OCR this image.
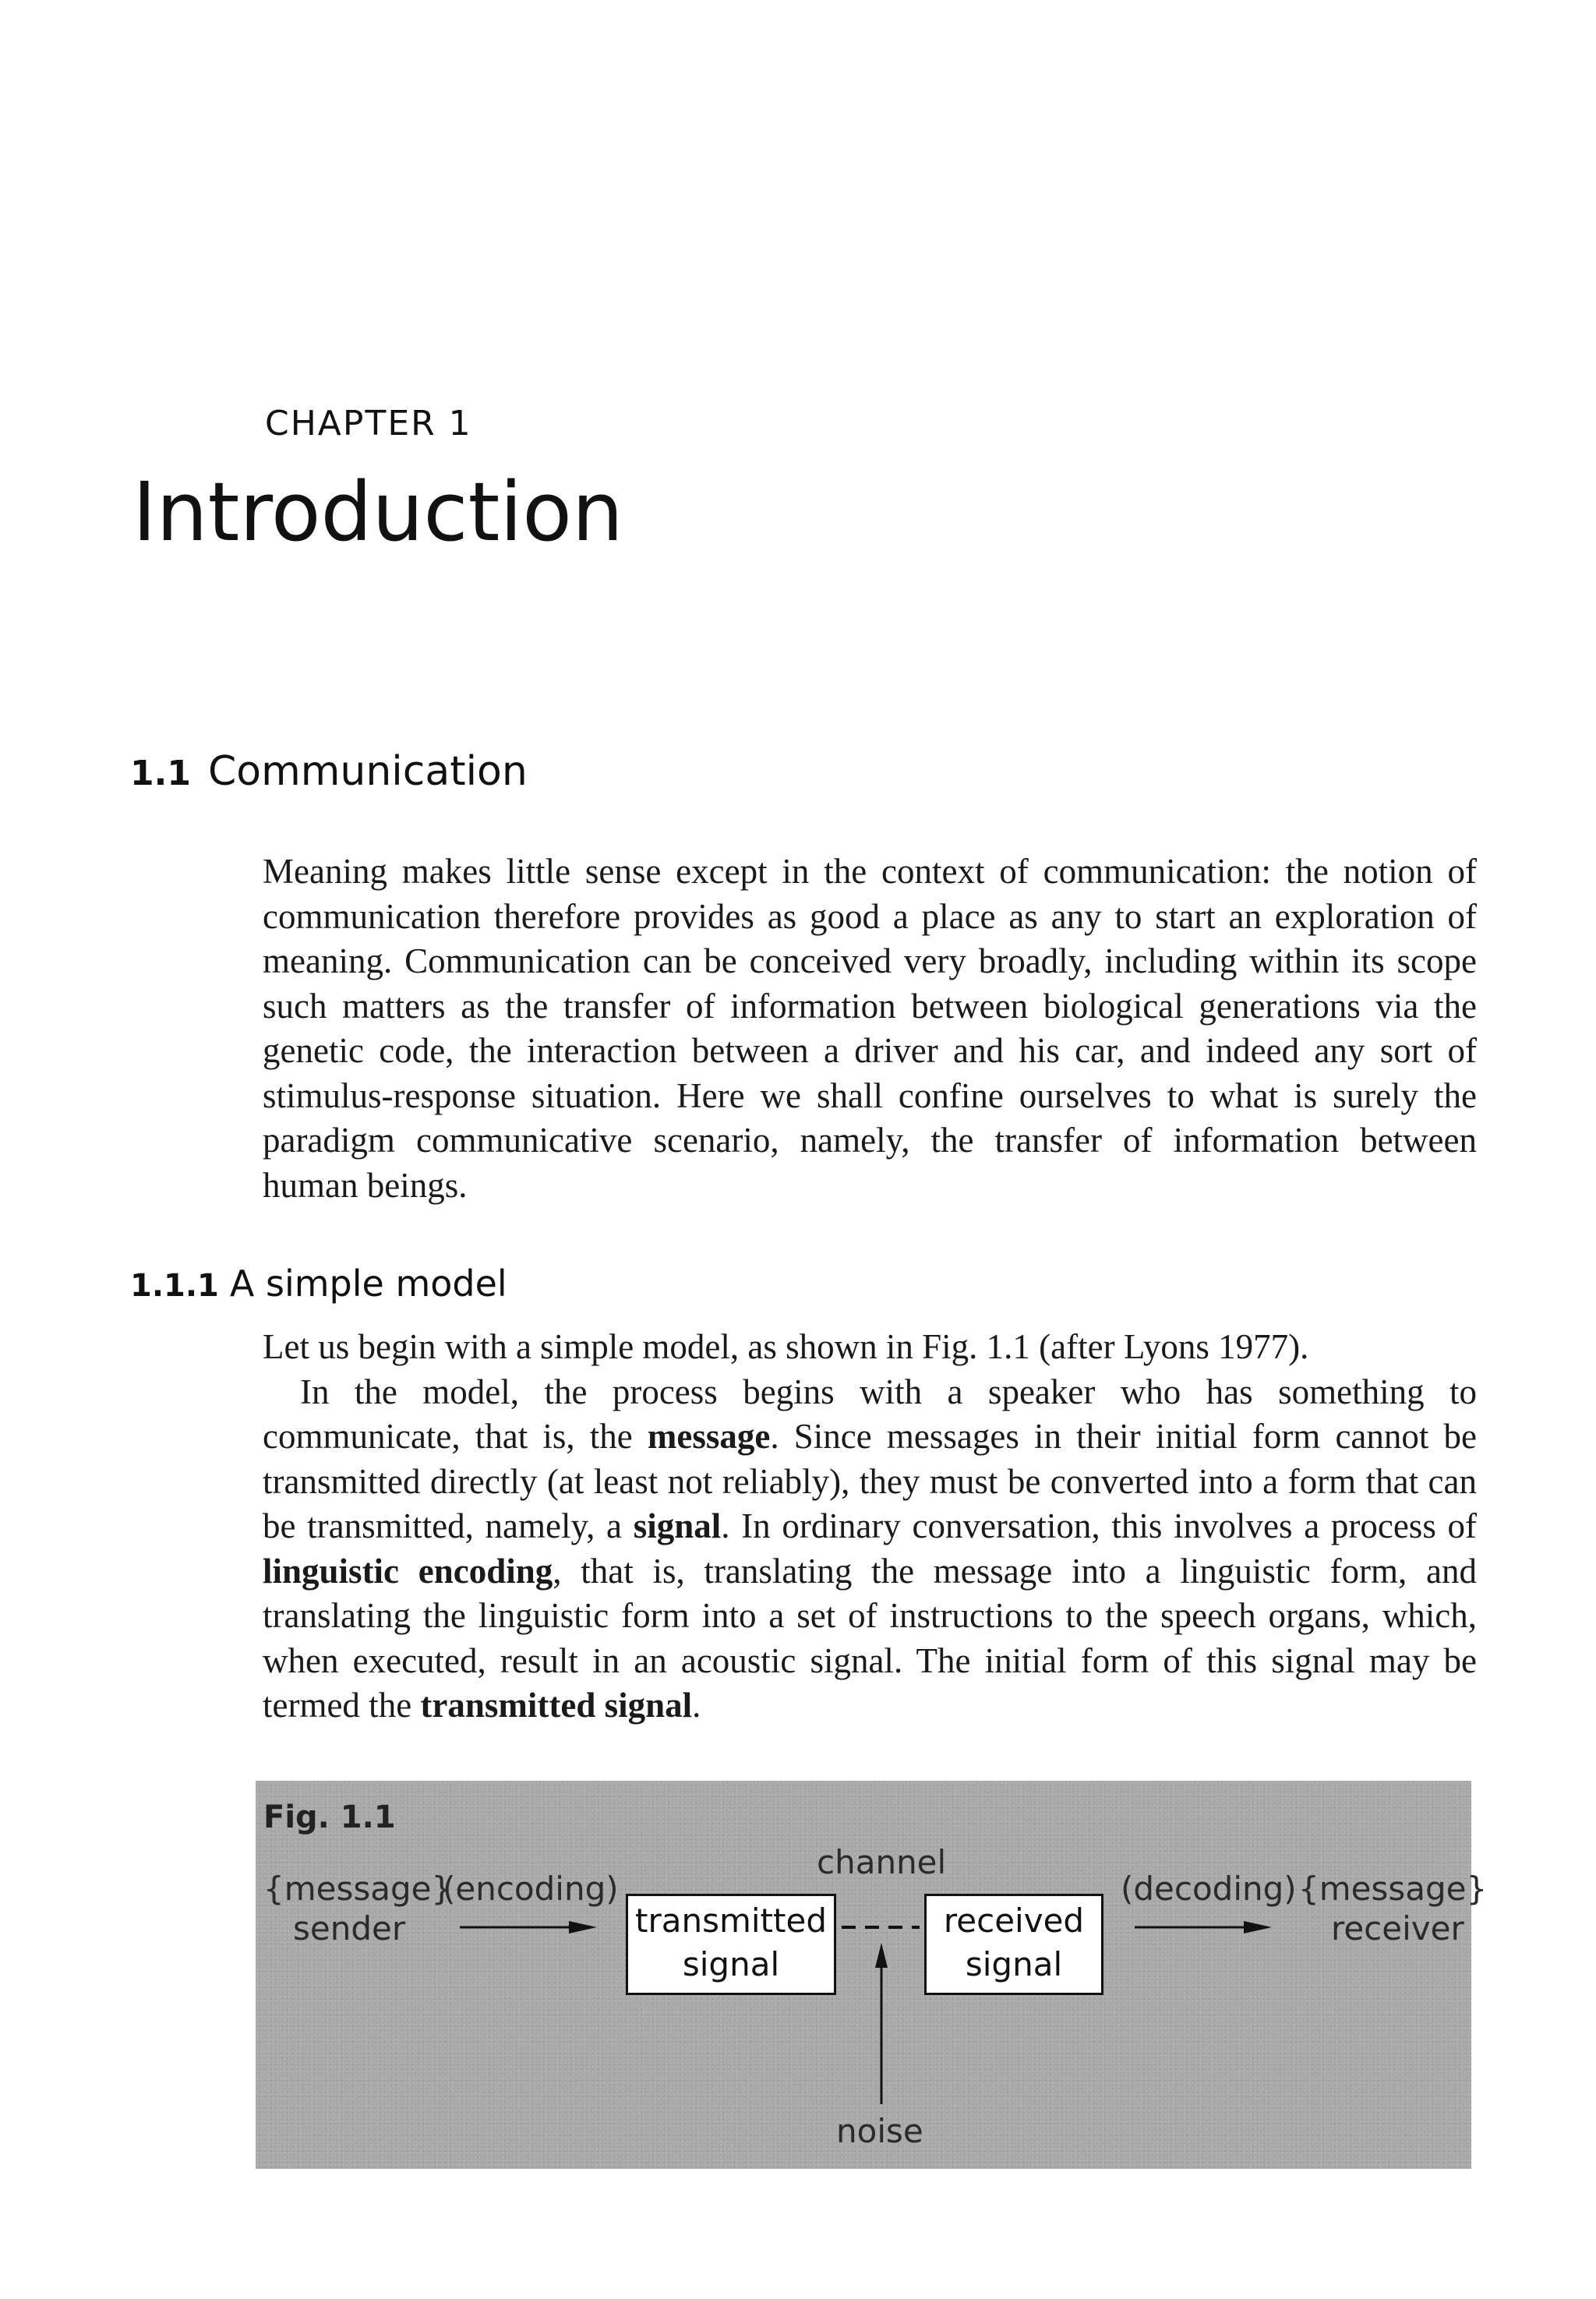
CHAPTER 1
Introduction
1.1 Communication

Meaning makes little sense except in the context of communication: the notion of communication therefore provides as good a place as any to start an exploration of meaning. Communication can be conceived very broadly, including within its scope such matters as the transfer of information between biological generations via the genetic code, the interaction between a driver and his car, and indeed any sort of stimulus-response situation. Here we shall confine ourselves to what is surely the paradigm communicative scenario, namely, the transfer of information between human beings.

1.1.1 A simple model

Let us begin with a simple model, as shown in Fig. 1.1 (after Lyons 1977).

In the model, the process begins with a speaker who has something to communicate, that is, the message. Since messages in their initial form cannot be transmitted directly (at least not reliably), they must be converted into a form that can be transmitted, namely, a signal. In ordinary conversation, this involves a process of linguistic encoding, that is, translating the message into a linguistic form, and translating the linguistic form into a set of instructions to the speech organs, which, when executed, result in an acoustic signal. The initial form of this signal may be termed the transmitted signal.

Fig. 1.1
{message}
sender
(encoding)
channel
transmitted
signal
received
signal
(decoding) {message}
receiver
noise
